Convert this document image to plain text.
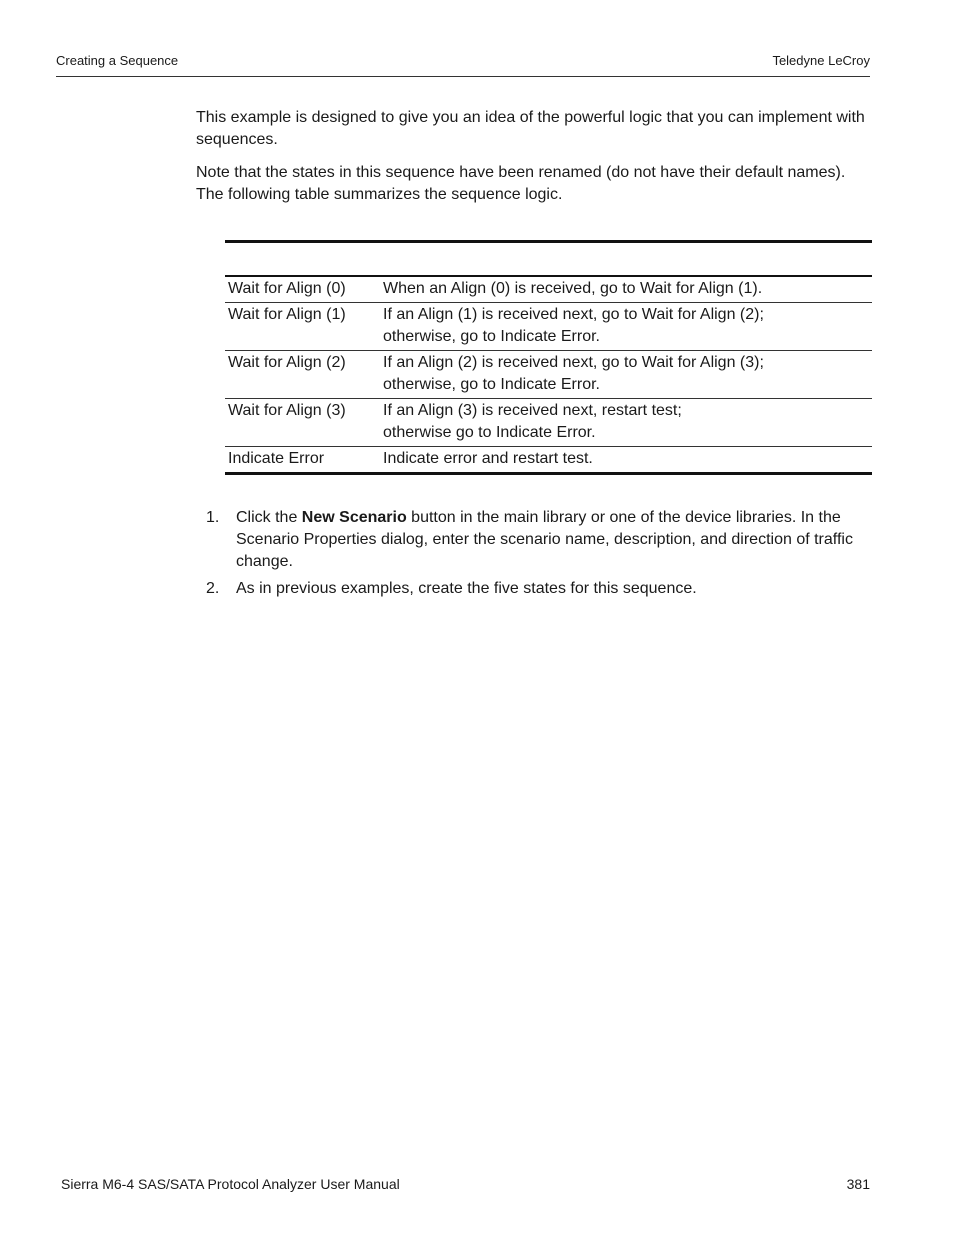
Creating a Sequence	Teledyne LeCroy

This example is designed to give you an idea of the powerful logic that you can implement with sequences.

Note that the states in this sequence have been renamed (do not have their default names). The following table summarizes the sequence logic.

Wait for Align (0)	When an Align (0) is received, go to Wait for Align (1).
Wait for Align (1)	If an Align (1) is received next, go to Wait for Align (2);
otherwise, go to Indicate Error.
Wait for Align (2)	If an Align (2) is received next, go to Wait for Align (3);
otherwise, go to Indicate Error.
Wait for Align (3)	If an Align (3) is received next, restart test;
otherwise go to Indicate Error.
Indicate Error	Indicate error and restart test.
1.	Click the New Scenario button in the main library or one of the device libraries. In the Scenario Properties dialog, enter the scenario name, description, and direction of traffic change.
2.	As in previous examples, create the five states for this sequence.
Sierra M6-4 SAS/SATA Protocol Analyzer User Manual	381
